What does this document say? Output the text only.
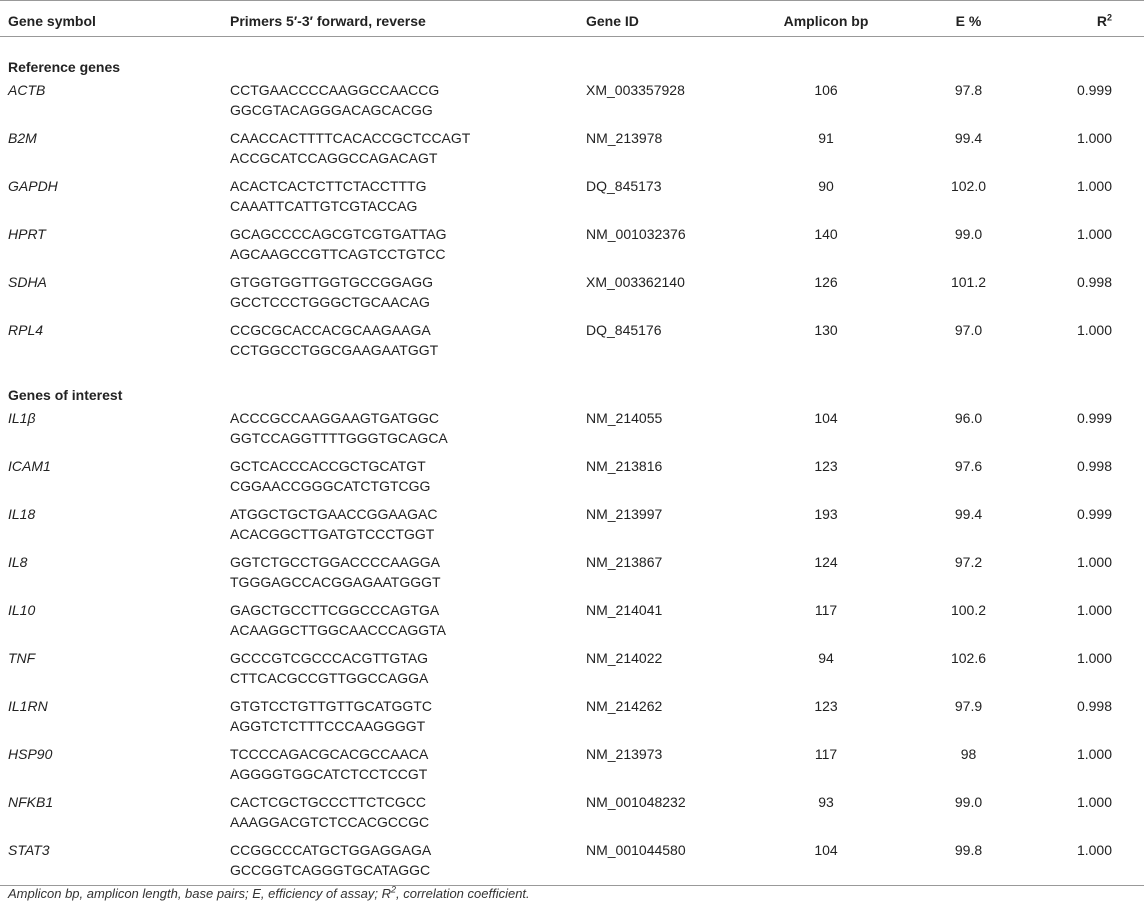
Gene symbol	Primers 5′-3′ forward, reverse	Gene ID	Amplicon bp	E %	$R^2$
Reference genes					
ACTB	CCTGAACCCCAAGGCCAACCG
GGCGTACAGGGACAGCACGG	XM_003357928	106	97.8	0.999
B2M	CAACCACTTTTCACACCGCTCCAGT
ACCGCATCCAGGCCAGACAGT	NM_213978	91	99.4	1.000
GAPDH	ACACTCACTCTTCTACCTTTG
CAAATTCATTGTCGTACCAG	DQ_845173	90	102.0	1.000
HPRT	GCAGCCCCAGCGTCGTGATTAG
AGCAAGCCGTTCAGTCCTGTCC	NM_001032376	140	99.0	1.000
SDHA	GTGGTGGTTGGTGCCGGAGG
GCCTCCCTGGGCTGCAACAG	XM_003362140	126	101.2	0.998
RPL4	CCGCGCACCACGCAAGAAGA
CCTGGCCTGGCGAAGAATGGT	DQ_845176	130	97.0	1.000
Genes of interest					
IL1β	ACCCGCCAAGGAAGTGATGGC
GGTCCAGGTTTTGGGTGCAGCA	NM_214055	104	96.0	0.999
ICAM1	GCTCACCCACCGCTGCATGT
CGGAACCGGGCATCTGTCGG	NM_213816	123	97.6	0.998
IL18	ATGGCTGCTGAACCGGAAGAC
ACACGGCTTGATGTCCCTGGT	NM_213997	193	99.4	0.999
IL8	GGTCTGCCTGGACCCCAAGGA
TGGGAGCCACGGAGAATGGGT	NM_213867	124	97.2	1.000
IL10	GAGCTGCCTTCGGCCCAGTGA
ACAAGGCTTGGCAACCCAGGTA	NM_214041	117	100.2	1.000
TNF	GCCCGTCGCCCACGTTGTAG
CTTCACGCCGTTGGCCAGGA	NM_214022	94	102.6	1.000
IL1RN	GTGTCCTGTTGTTGCATGGTC
AGGTCTCTTTCCCAAGGGGT	NM_214262	123	97.9	0.998
HSP90	TCCCCAGACGCACGCCAACA
AGGGGTGGCATCTCCTCCGT	NM_213973	117	98	1.000
NFKB1	CACTCGCTGCCCTTCTCGCC
AAAGGACGTCTCCACGCCGC	NM_001048232	93	99.0	1.000
STAT3	CCGGCCCATGCTGGAGGAGA
GCCGGTCAGGGTGCATAGGC	NM_001044580	104	99.8	1.000
Amplicon bp, amplicon length, base pairs; E, efficiency of assay; $R^2$, correlation coefficient.
